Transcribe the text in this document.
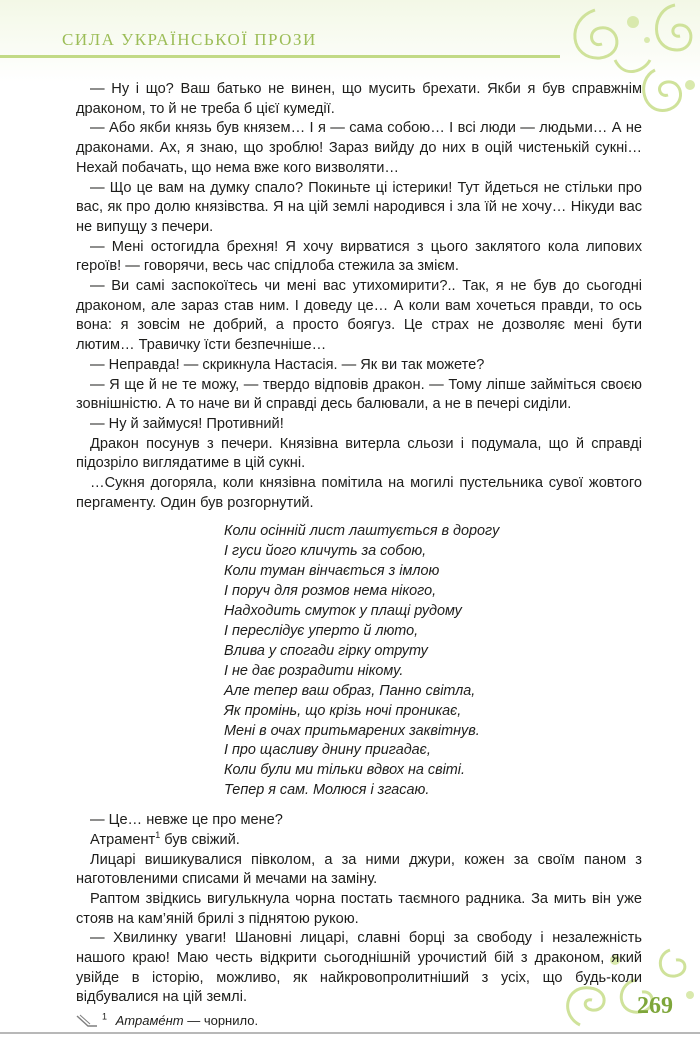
СИЛА УКРАЇНСЬКОЇ ПРОЗИ

— Ну і що? Ваш батько не винен, що мусить брехати. Якби я був справжнім драконом, то й не треба б цієї кумедії.

— Або якби князь був князем… І я — сама собою… І всі люди — людьми… А не драконами. Ах, я знаю, що зроблю! Зараз вийду до них в оцій чистенькій сукні… Нехай побачать, що нема вже кого визволяти…

— Що це вам на думку спало? Покиньте ці істерики! Тут йдеться не стільки про вас, як про долю князівства. Я на цій землі народився і зла їй не хочу… Нікуди вас не випущу з печери.

— Мені остогидла брехня! Я хочу вирватися з цього заклятого кола липових героїв! — говорячи, весь час спідлоба стежила за змієм.

— Ви самі заспокоїтесь чи мені вас утихомирити?.. Так, я не був до сьогодні драконом, але зараз став ним. І доведу це… А коли вам хочеться правди, то ось вона: я зовсім не добрий, а просто боягуз. Це страх не дозволяє мені бути лютим… Травичку їсти безпечніше…

— Неправда! — скрикнула Настасія. — Як ви так можете?

— Я ще й не те можу, — твердо відповів дракон. — Тому ліпше займіться своєю зовнішністю. А то наче ви й справді десь балювали, а не в печері сиділи.

— Ну й займуся! Противний!

Дракон посунув з печери. Князівна витерла сльози і подумала, що й справді підозріло виглядатиме в цій сукні.

…Сукня догоряла, коли князівна помітила на могилі пустельника сувої жовтого пергаменту. Один був розгорнутий.

Коли осінній лист лаштується в дорогу
І гуси його кличуть за собою,
Коли туман вінчається з імлою
І поруч для розмов нема нікого,
Надходить смуток у плащі рудому
І переслідує уперто й люто,
Влива у спогади гірку отруту
І не дає розрадити нікому.
Але тепер ваш образ, Панно світла,
Як промінь, що крізь ночі проникає,
Мені в очах притьмарених заквітнув.
І про щасливу днину пригадає,
Коли були ми тільки вдвох на світі.
Тепер я сам. Молюся і згасаю.

— Це… невже це про мене?

Атрамент$^1$ був свіжий.

Лицарі вишикувалися півколом, а за ними джури, кожен за своїм паном з наготовленими списами й мечами на заміну.

Раптом звідкись вигулькнула чорна постать таємного радника. За мить він уже стояв на кам’яній брилі з піднятою рукою.

— Хвилинку уваги! Шановні лицарі, славні борці за свободу і незалежність нашого краю! Маю честь відкрити сьогоднішній урочистий бій з драконом, який увійде в історію, можливо, як найкровопролитніший з усіх, що будь-коли відбувалися на цій землі.

$^1$ Атраме́нт — чорнило.
269
